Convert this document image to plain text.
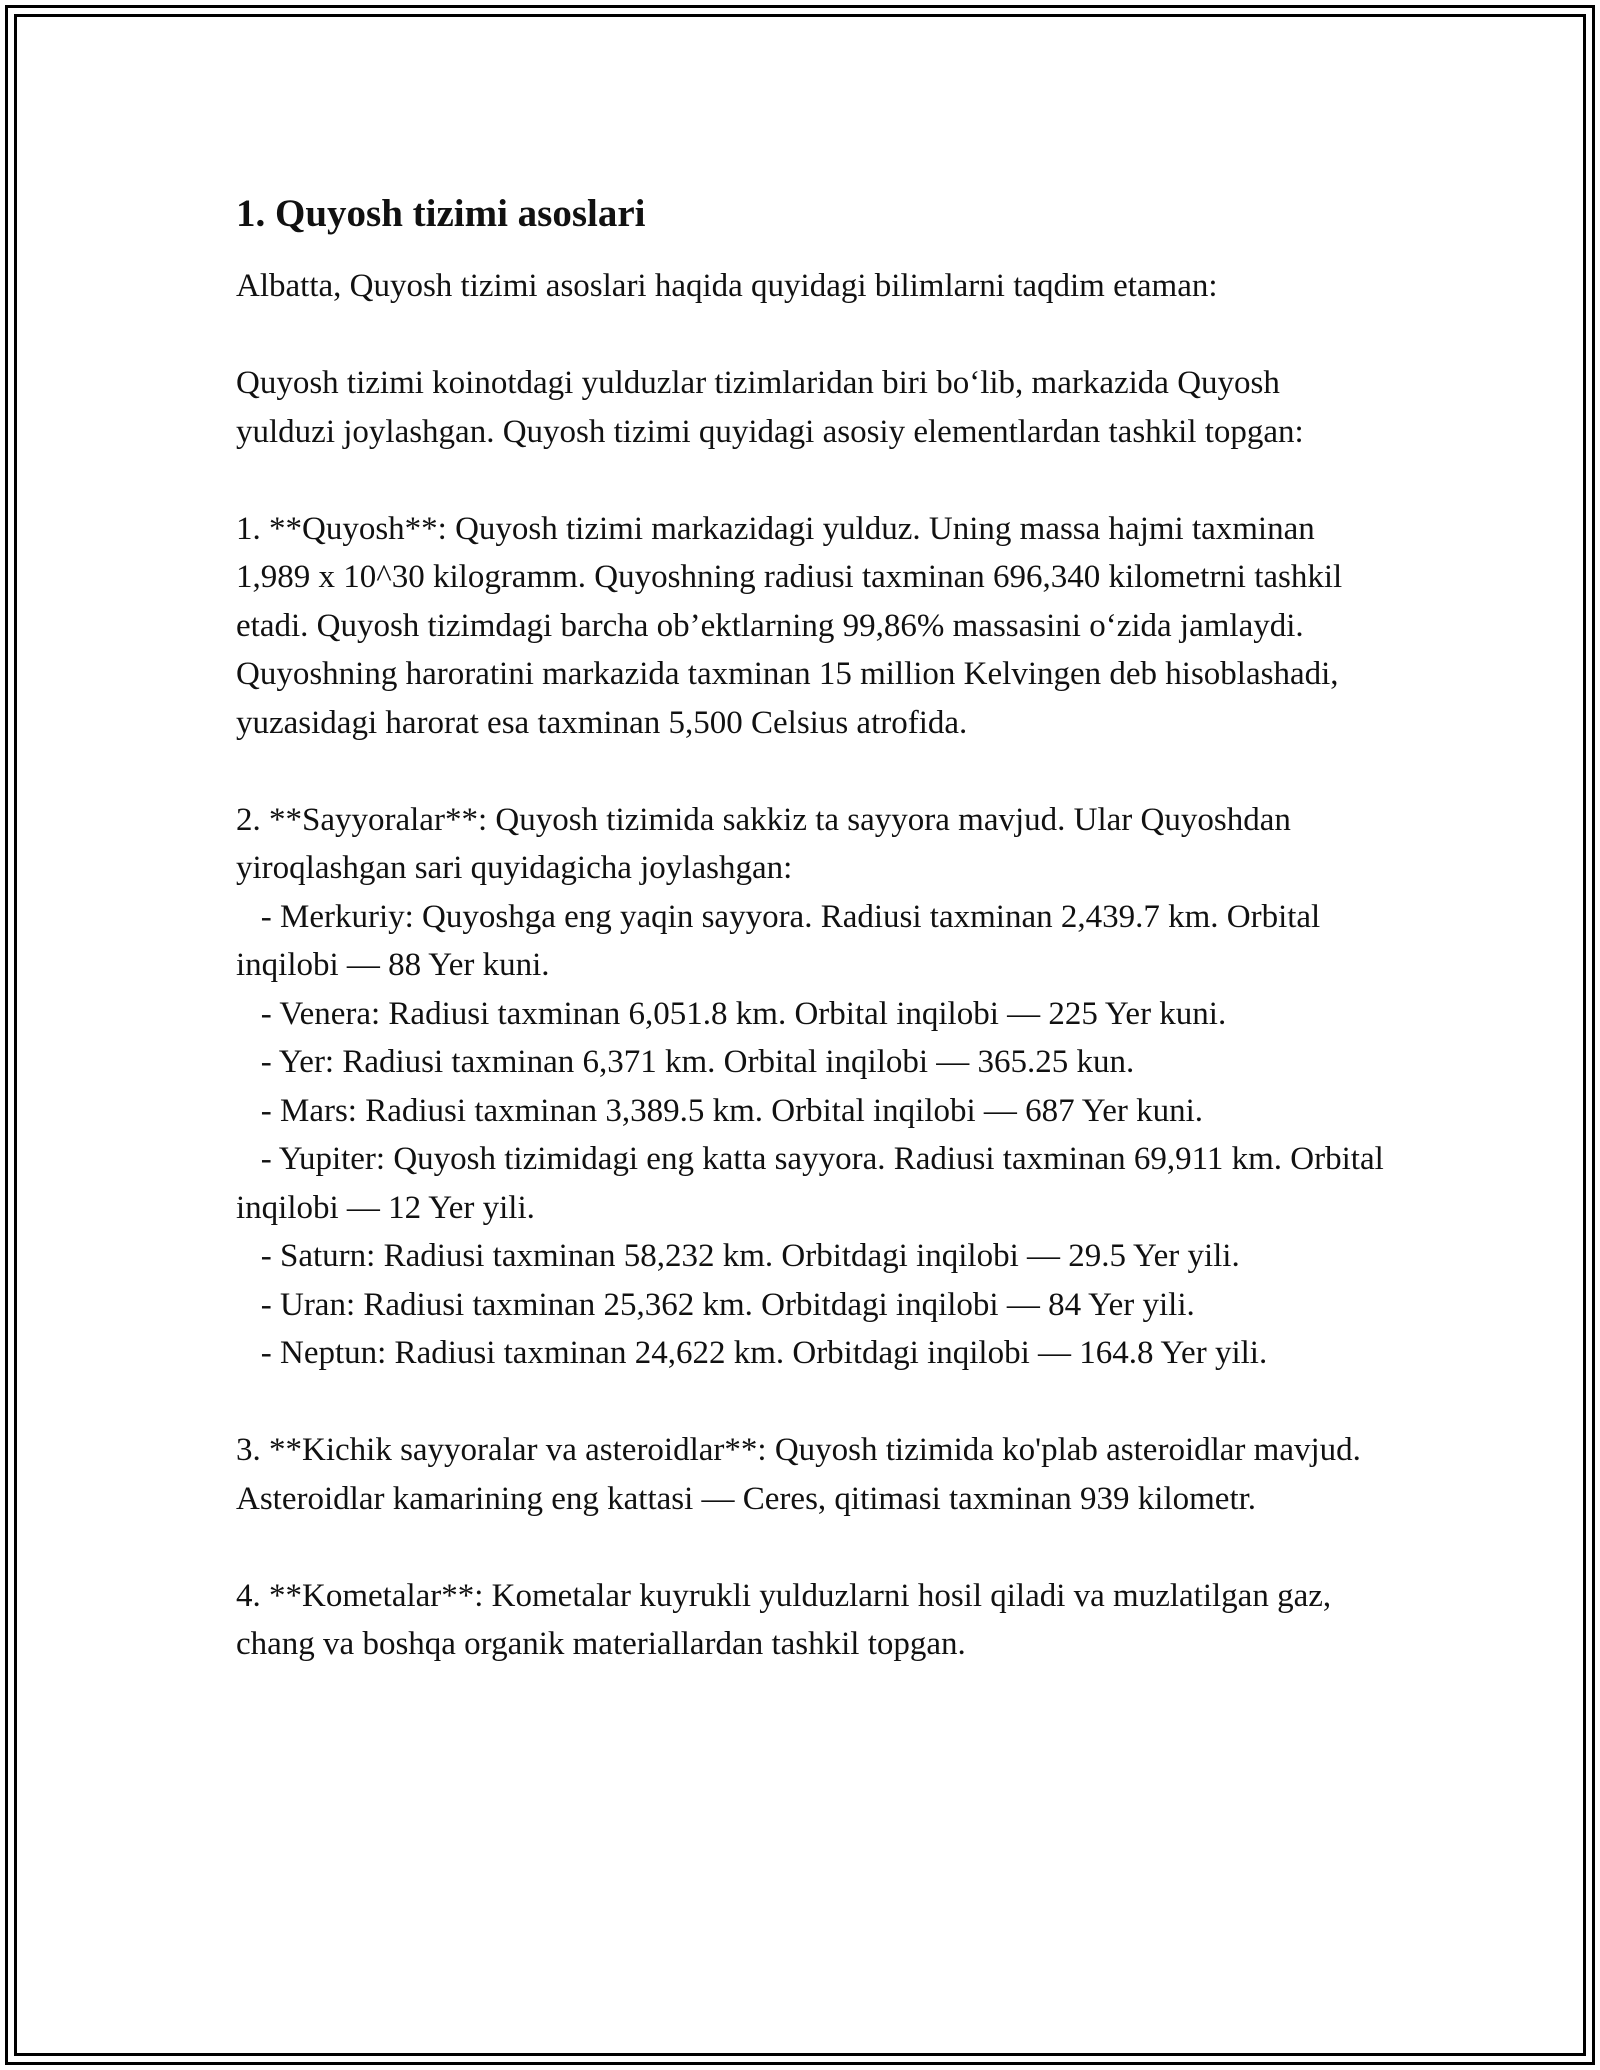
1. Quyosh tizimi asoslari

Albatta, Quyosh tizimi asoslari haqida quyidagi bilimlarni taqdim etaman:

Quyosh tizimi koinotdagi yulduzlar tizimlaridan biri bo‘lib, markazida Quyosh yulduzi joylashgan. Quyosh tizimi quyidagi asosiy elementlardan tashkil topgan:

1. **Quyosh**: Quyosh tizimi markazidagi yulduz. Uning massa hajmi taxminan 1,989 x 10^30 kilogramm. Quyoshning radiusi taxminan 696,340 kilometrni tashkil etadi. Quyosh tizimdagi barcha ob’ektlarning 99,86% massasini o‘zida jamlaydi. Quyoshning haroratini markazida taxminan 15 million Kelvingen deb hisoblashadi, yuzasidagi harorat esa taxminan 5,500 Celsius atrofida.

2. **Sayyoralar**: Quyosh tizimida sakkiz ta sayyora mavjud. Ular Quyoshdan yiroqlashgan sari quyidagicha joylashgan:

- Merkuriy: Quyoshga eng yaqin sayyora. Radiusi taxminan 2,439.7 km. Orbital inqilobi — 88 Yer kuni.

- Venera: Radiusi taxminan 6,051.8 km. Orbital inqilobi — 225 Yer kuni.

- Yer: Radiusi taxminan 6,371 km. Orbital inqilobi — 365.25 kun.

- Mars: Radiusi taxminan 3,389.5 km. Orbital inqilobi — 687 Yer kuni.

- Yupiter: Quyosh tizimidagi eng katta sayyora. Radiusi taxminan 69,911 km. Orbital inqilobi — 12 Yer yili.

- Saturn: Radiusi taxminan 58,232 km. Orbitdagi inqilobi — 29.5 Yer yili.

- Uran: Radiusi taxminan 25,362 km. Orbitdagi inqilobi — 84 Yer yili.

- Neptun: Radiusi taxminan 24,622 km. Orbitdagi inqilobi — 164.8 Yer yili.

3. **Kichik sayyoralar va asteroidlar**: Quyosh tizimida ko'plab asteroidlar mavjud. Asteroidlar kamarining eng kattasi — Ceres, qitimasi taxminan 939 kilometr.

4. **Kometalar**: Kometalar kuyrukli yulduzlarni hosil qiladi va muzlatilgan gaz, chang va boshqa organik materiallardan tashkil topgan.
